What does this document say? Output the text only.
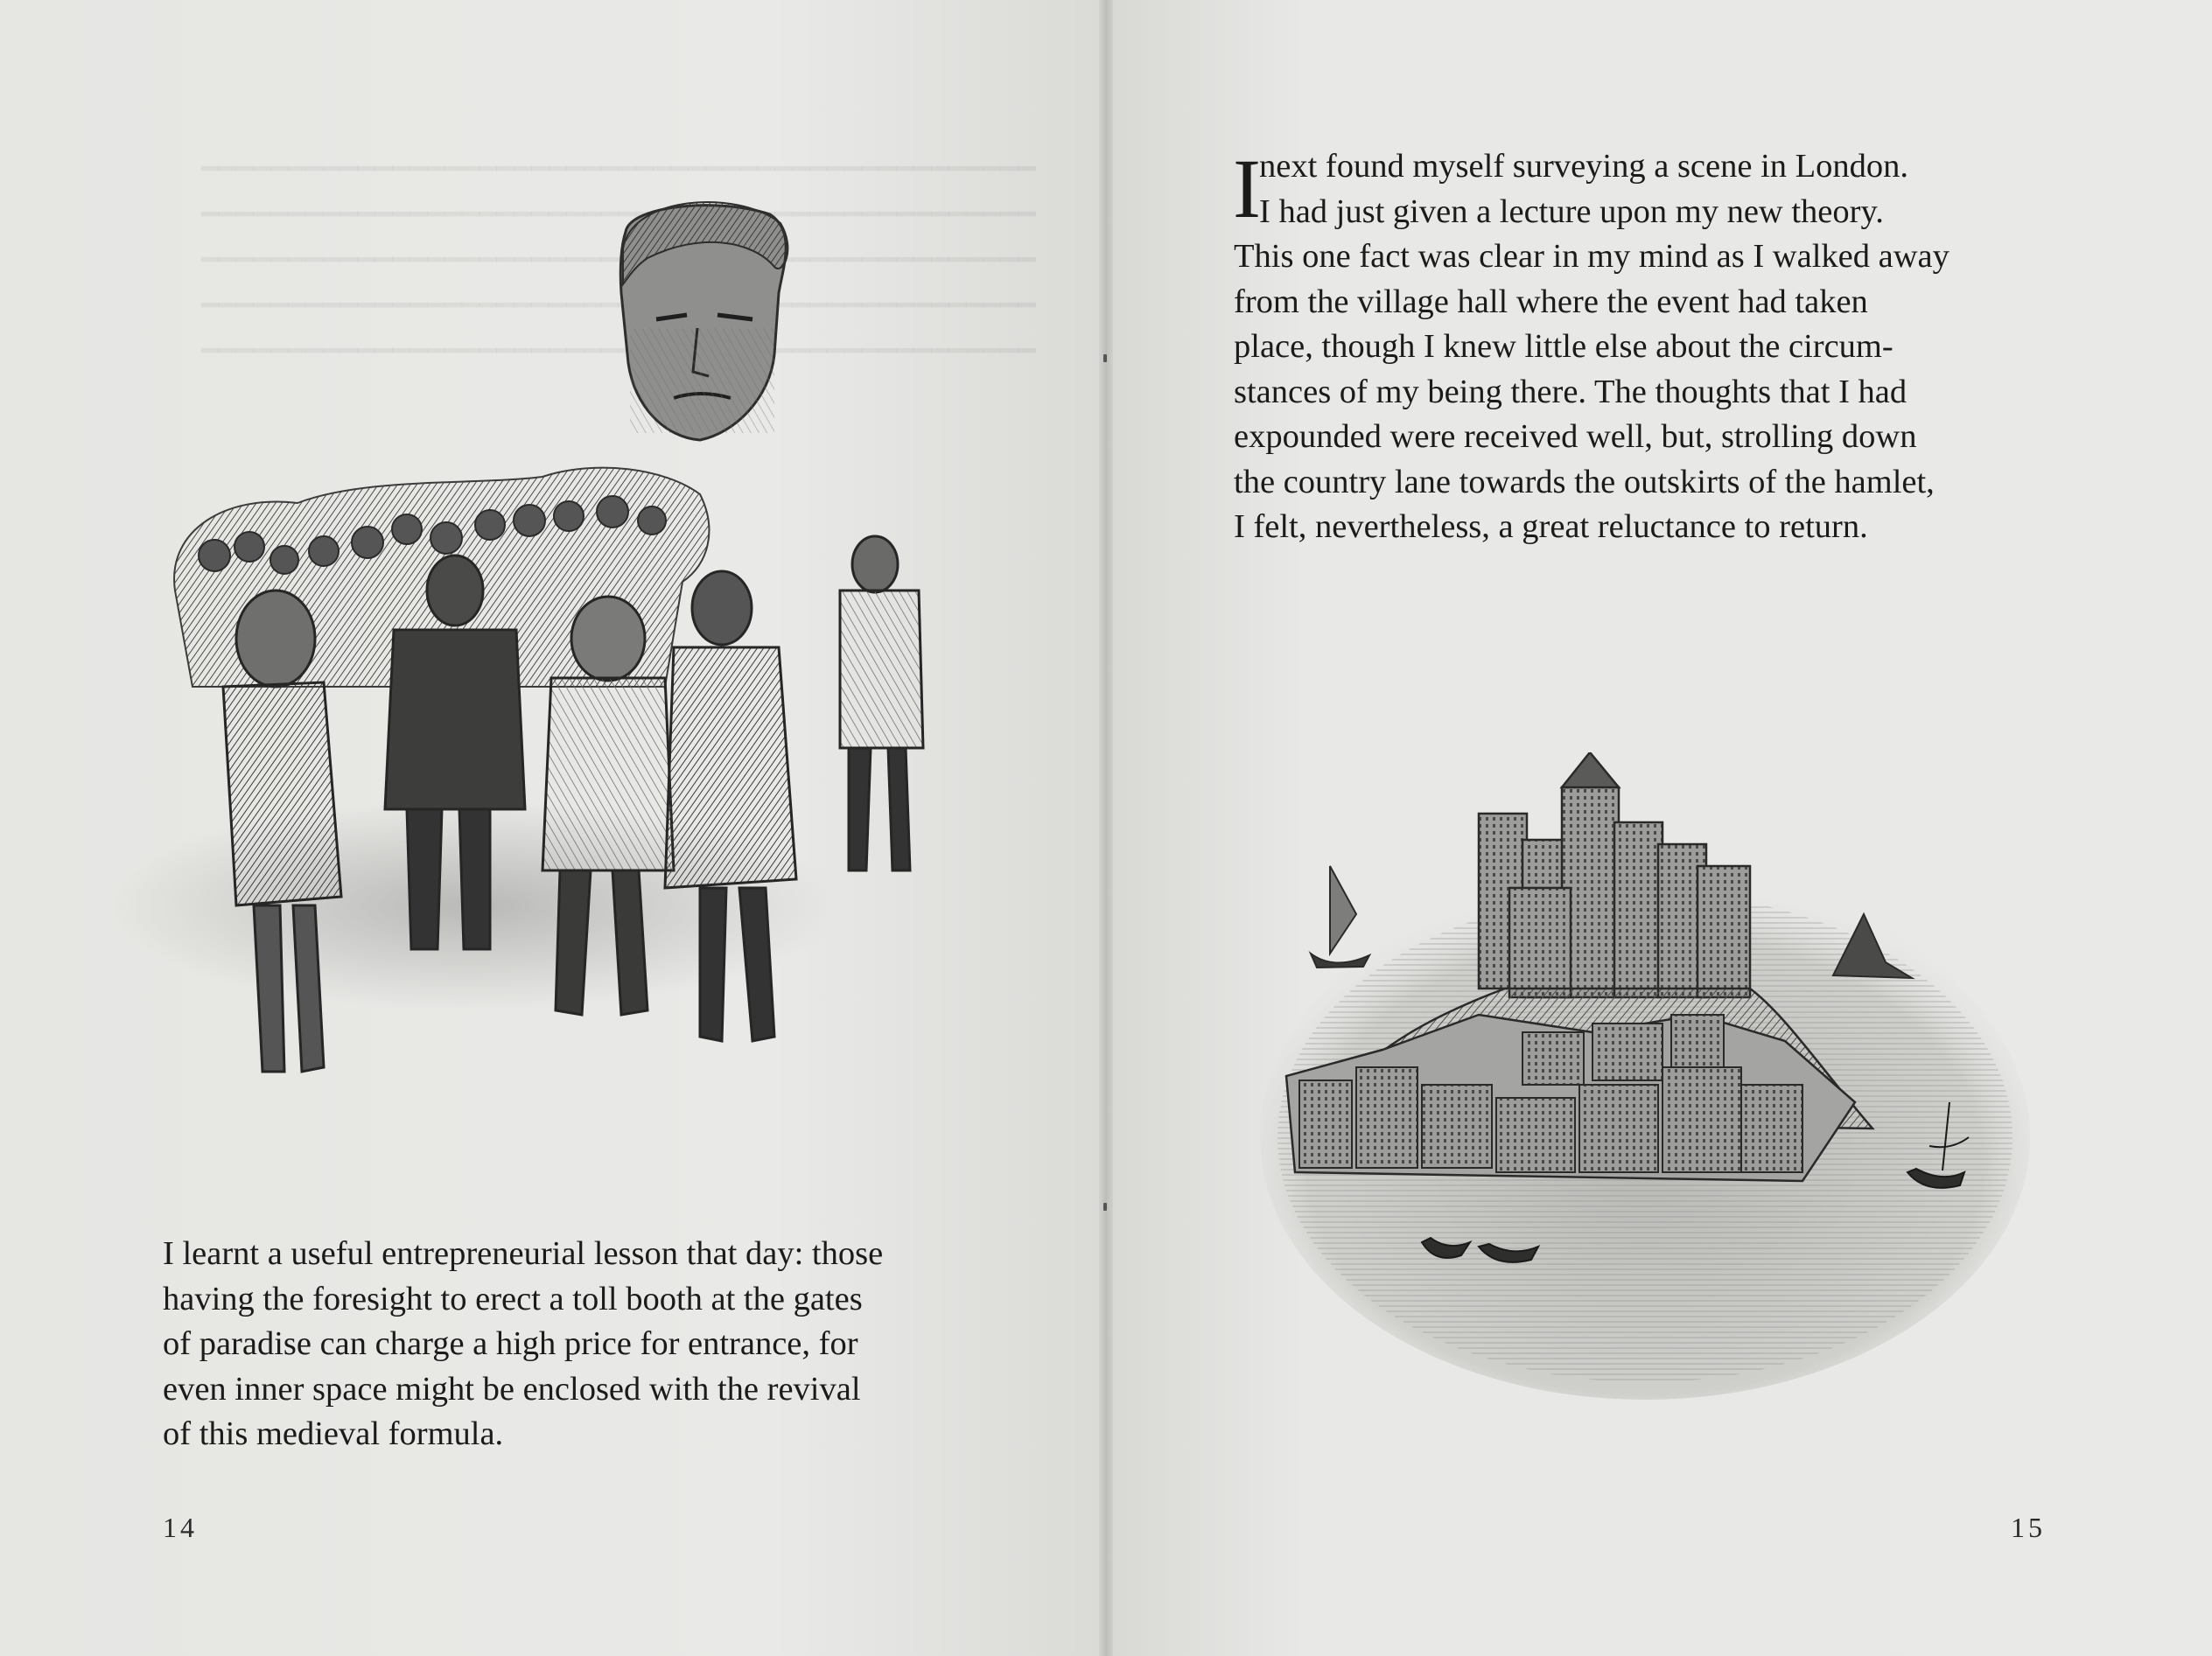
I learnt a useful entrepreneurial lesson that day: those
having the foresight to erect a toll booth at the gates
of paradise can charge a high price for entrance, for
even inner space might be enclosed with the revival
of this medieval formula.
14
I
next found myself surveying a scene in London.
I had just given a lecture upon my new theory.
This one fact was clear in my mind as I walked away
from the village hall where the event had taken
place, though I knew little else about the circum-
stances of my being there. The thoughts that I had
expounded were received well, but, strolling down
the country lane towards the outskirts of the hamlet,
I felt, nevertheless, a great reluctance to return.
15
